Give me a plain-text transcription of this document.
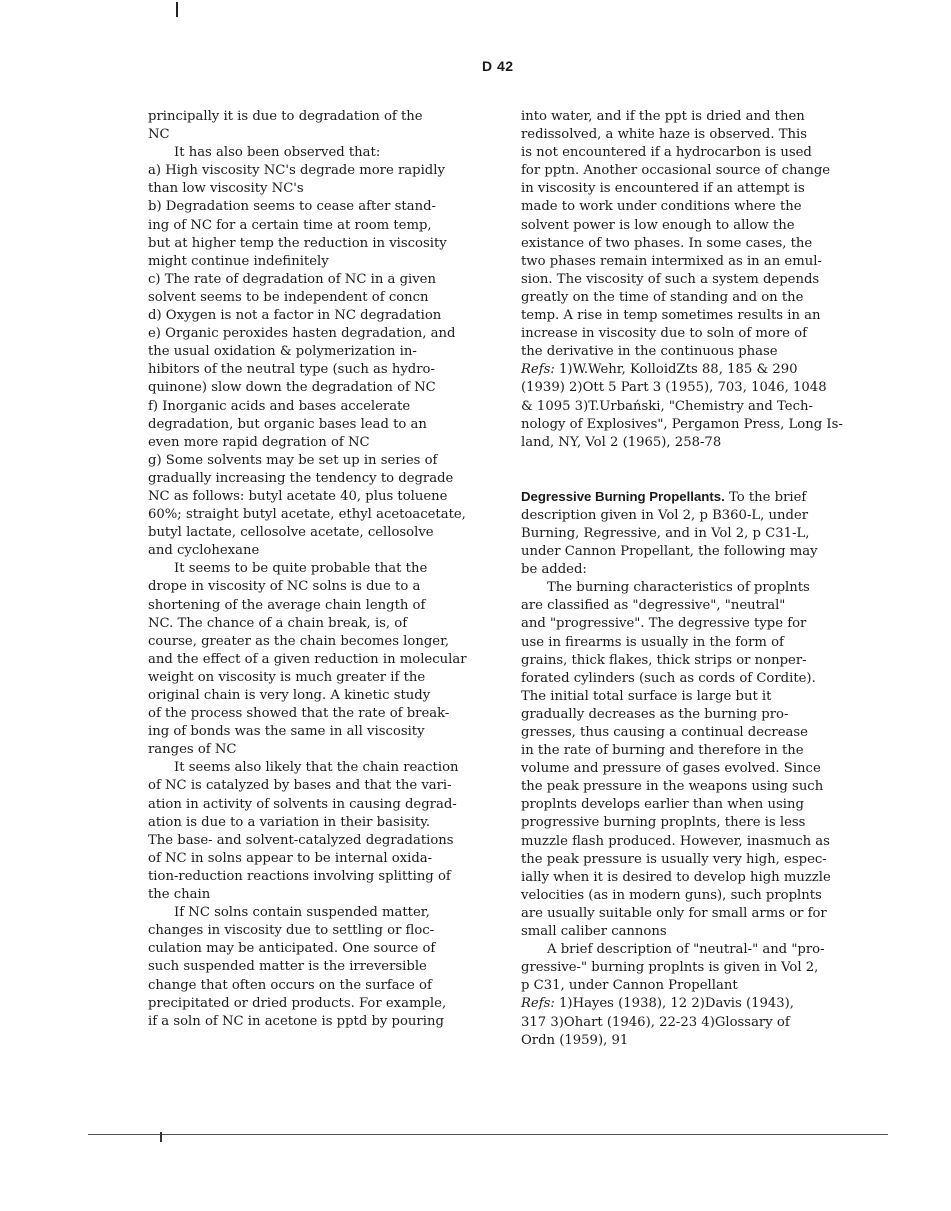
D 42
principally it is due to degradation of the
NC
It has also been observed that:
a) High viscosity NC's degrade more rapidly
than low viscosity NC's
b) Degradation seems to cease after stand-
ing of NC for a certain time at room temp,
but at higher temp the reduction in viscosity
might continue indefinitely
c) The rate of degradation of NC in a given
solvent seems to be independent of concn
d) Oxygen is not a factor in NC degradation
e) Organic peroxides hasten degradation, and
the usual oxidation & polymerization in-
hibitors of the neutral type (such as hydro-
quinone) slow down the degradation of NC
f) Inorganic acids and bases accelerate
degradation, but organic bases lead to an
even more rapid degration of NC
g) Some solvents may be set up in series of
gradually increasing the tendency to degrade
NC as follows: butyl acetate 40, plus toluene
60%; straight butyl acetate, ethyl acetoacetate,
butyl lactate, cellosolve acetate, cellosolve
and cyclohexane
It seems to be quite probable that the
drope in viscosity of NC solns is due to a
shortening of the average chain length of
NC. The chance of a chain break, is, of
course, greater as the chain becomes longer,
and the effect of a given reduction in molecular
weight on viscosity is much greater if the
original chain is very long. A kinetic study
of the process showed that the rate of break-
ing of bonds was the same in all viscosity
ranges of NC
It seems also likely that the chain reaction
of NC is catalyzed by bases and that the vari-
ation in activity of solvents in causing degrad-
ation is due to a variation in their basisity.
The base- and solvent-catalyzed degradations
of NC in solns appear to be internal oxida-
tion-reduction reactions involving splitting of
the chain
If NC solns contain suspended matter,
changes in viscosity due to settling or floc-
culation may be anticipated. One source of
such suspended matter is the irreversible
change that often occurs on the surface of
precipitated or dried products. For example,
if a soln of NC in acetone is pptd by pouring
into water, and if the ppt is dried and then
redissolved, a white haze is observed. This
is not encountered if a hydrocarbon is used
for pptn. Another occasional source of change
in viscosity is encountered if an attempt is
made to work under conditions where the
solvent power is low enough to allow the
existance of two phases. In some cases, the
two phases remain intermixed as in an emul-
sion. The viscosity of such a system depends
greatly on the time of standing and on the
temp. A rise in temp sometimes results in an
increase in viscosity due to soln of more of
the derivative in the continuous phase
Refs: 1)W.Wehr, KolloidZts 88, 185 & 290
(1939) 2)Ott 5 Part 3 (1955), 703, 1046, 1048
& 1095 3)T.Urbański, "Chemistry and Tech-
nology of Explosives", Pergamon Press, Long Is-
land, NY, Vol 2 (1965), 258-78
Degressive Burning Propellants. To the brief
description given in Vol 2, p B360-L, under
Burning, Regressive, and in Vol 2, p C31-L,
under Cannon Propellant, the following may
be added:
The burning characteristics of proplnts
are classified as "degressive", "neutral"
and "progressive". The degressive type for
use in firearms is usually in the form of
grains, thick flakes, thick strips or nonper-
forated cylinders (such as cords of Cordite).
The initial total surface is large but it
gradually decreases as the burning pro-
gresses, thus causing a continual decrease
in the rate of burning and therefore in the
volume and pressure of gases evolved. Since
the peak pressure in the weapons using such
proplnts develops earlier than when using
progressive burning proplnts, there is less
muzzle flash produced. However, inasmuch as
the peak pressure is usually very high, espec-
ially when it is desired to develop high muzzle
velocities (as in modern guns), such proplnts
are usually suitable only for small arms or for
small caliber cannons
A brief description of "neutral-" and "pro-
gressive-" burning proplnts is given in Vol 2,
p C31, under Cannon Propellant
Refs: 1)Hayes (1938), 12 2)Davis (1943),
317 3)Ohart (1946), 22-23 4)Glossary of
Ordn (1959), 91
